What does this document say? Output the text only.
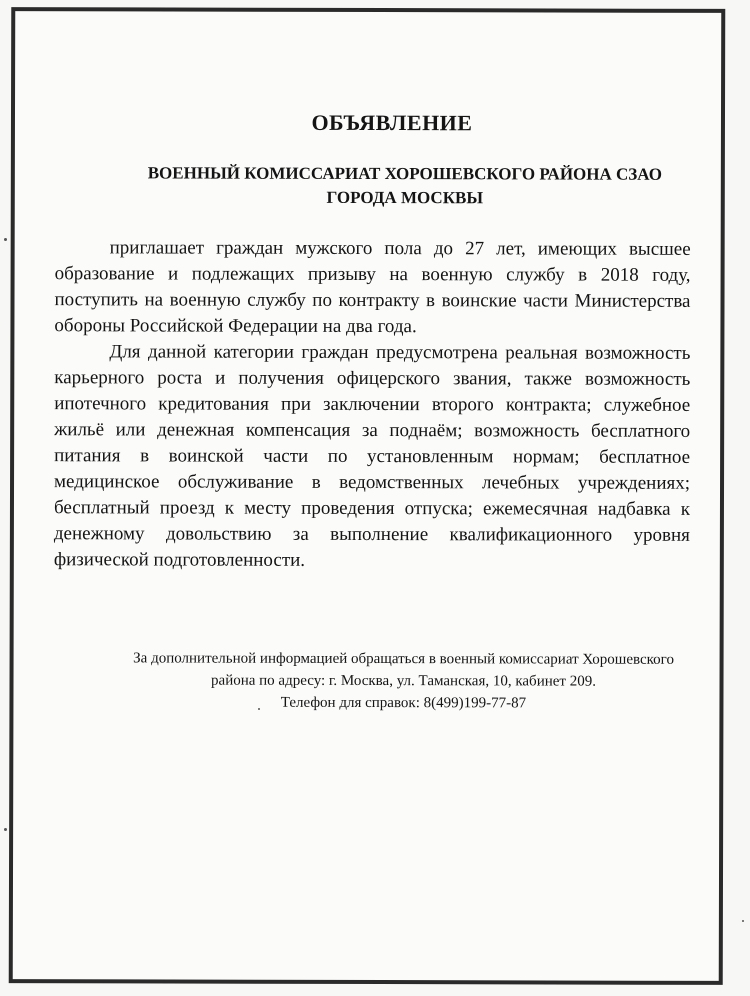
ОБЪЯВЛЕНИЕ
ВОЕННЫЙ КОМИССАРИАТ ХОРОШЕВСКОГО РАЙОНА СЗАО
ГОРОДА МОСКВЫ

приглашает граждан мужского пола до 27 лет, имеющих высшее образование и подлежащих призыву на военную службу в 2018 году, поступить на военную службу по контракту в воинские части Министерства обороны Российской Федерации на два года.

Для данной категории граждан предусмотрена реальная возможность карьерного роста и получения офицерского звания, также возможность ипотечного кредитования при заключении второго контракта; служебное жильё или денежная компенсация за поднаём; возможность бесплатного питания в воинской части по установленным нормам; бесплатное медицинское обслуживание в ведомственных лечебных учреждениях; бесплатный проезд к месту проведения отпуска; ежемесячная надбавка к денежному довольствию за выполнение квалификационного уровня физической подготовленности.

За дополнительной информацией обращаться в военный комиссариат Хорошевского
района по адресу: г. Москва, ул. Таманская, 10, кабинет 209.
Телефон для справок: 8(499)199-77-87
